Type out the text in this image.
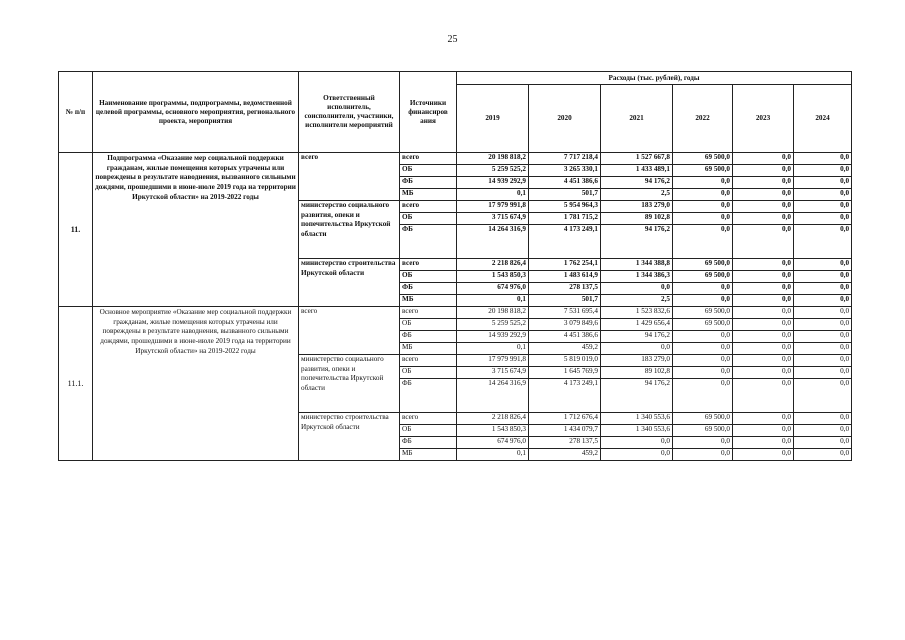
25
№ п/п	Наименование программы, подпрограммы, ведомственной целевой программы, основного мероприятия, регионального проекта, мероприятия	Ответственный исполнитель, соисполнители, участники, исполнители мероприятий	Источники финансиров ания	Расходы (тыс. рублей), годы					
				2019	2020	2021	2022	2023	2024
11.	Подпрограмма «Оказание мер социальной поддержки гражданам, жилые помещения которых утрачены или повреждены в результате наводнения, вызванного сильными дождями, прошедшими в июне-июле 2019 года на территории Иркутской области» на 2019-2022 годы	всего	всего	20 198 818,2	7 717 218,4	1 527 667,8	69 500,0	0,0	0,0
			ОБ	5 259 525,2	3 265 330,1	1 433 489,1	69 500,0	0,0	0,0
			ФБ	14 939 292,9	4 451 386,6	94 176,2	0,0	0,0	0,0
			МБ	0,1	501,7	2,5	0,0	0,0	0,0
		министерство социального развития, опеки и попечительства Иркутской области	всего	17 979 991,8	5 954 964,3	183 279,0	0,0	0,0	0,0
			ОБ	3 715 674,9	1 781 715,2	89 102,8	0,0	0,0	0,0
			ФБ	14 264 316,9	4 173 249,1	94 176,2	0,0	0,0	0,0
		министерство строительства Иркутской области	всего	2 218 826,4	1 762 254,1	1 344 388,8	69 500,0	0,0	0,0
			ОБ	1 543 850,3	1 483 614,9	1 344 386,3	69 500,0	0,0	0,0
			ФБ	674 976,0	278 137,5	0,0	0,0	0,0	0,0
			МБ	0,1	501,7	2,5	0,0	0,0	0,0
11.1.	Основное мероприятие «Оказание мер социальной поддержки гражданам, жилые помещения которых утрачены или повреждены в результате наводнения, вызванного сильными дождями, прошедшими в июне-июле 2019 года на территории Иркутской области» на 2019-2022 годы	всего	всего	20 198 818,2	7 531 695,4	1 523 832,6	69 500,0	0,0	0,0
			ОБ	5 259 525,2	3 079 849,6	1 429 656,4	69 500,0	0,0	0,0
			ФБ	14 939 292,9	4 451 386,6	94 176,2	0,0	0,0	0,0
			МБ	0,1	459,2	0,0	0,0	0,0	0,0
		министерство социального развития, опеки и попечительства Иркутской области	всего	17 979 991,8	5 819 019,0	183 279,0	0,0	0,0	0,0
			ОБ	3 715 674,9	1 645 769,9	89 102,8	0,0	0,0	0,0
			ФБ	14 264 316,9	4 173 249,1	94 176,2	0,0	0,0	0,0
		министерство строительства Иркутской области	всего	2 218 826,4	1 712 676,4	1 340 553,6	69 500,0	0,0	0,0
			ОБ	1 543 850,3	1 434 079,7	1 340 553,6	69 500,0	0,0	0,0
			ФБ	674 976,0	278 137,5	0,0	0,0	0,0	0,0
			МБ	0,1	459,2	0,0	0,0	0,0	0,0
